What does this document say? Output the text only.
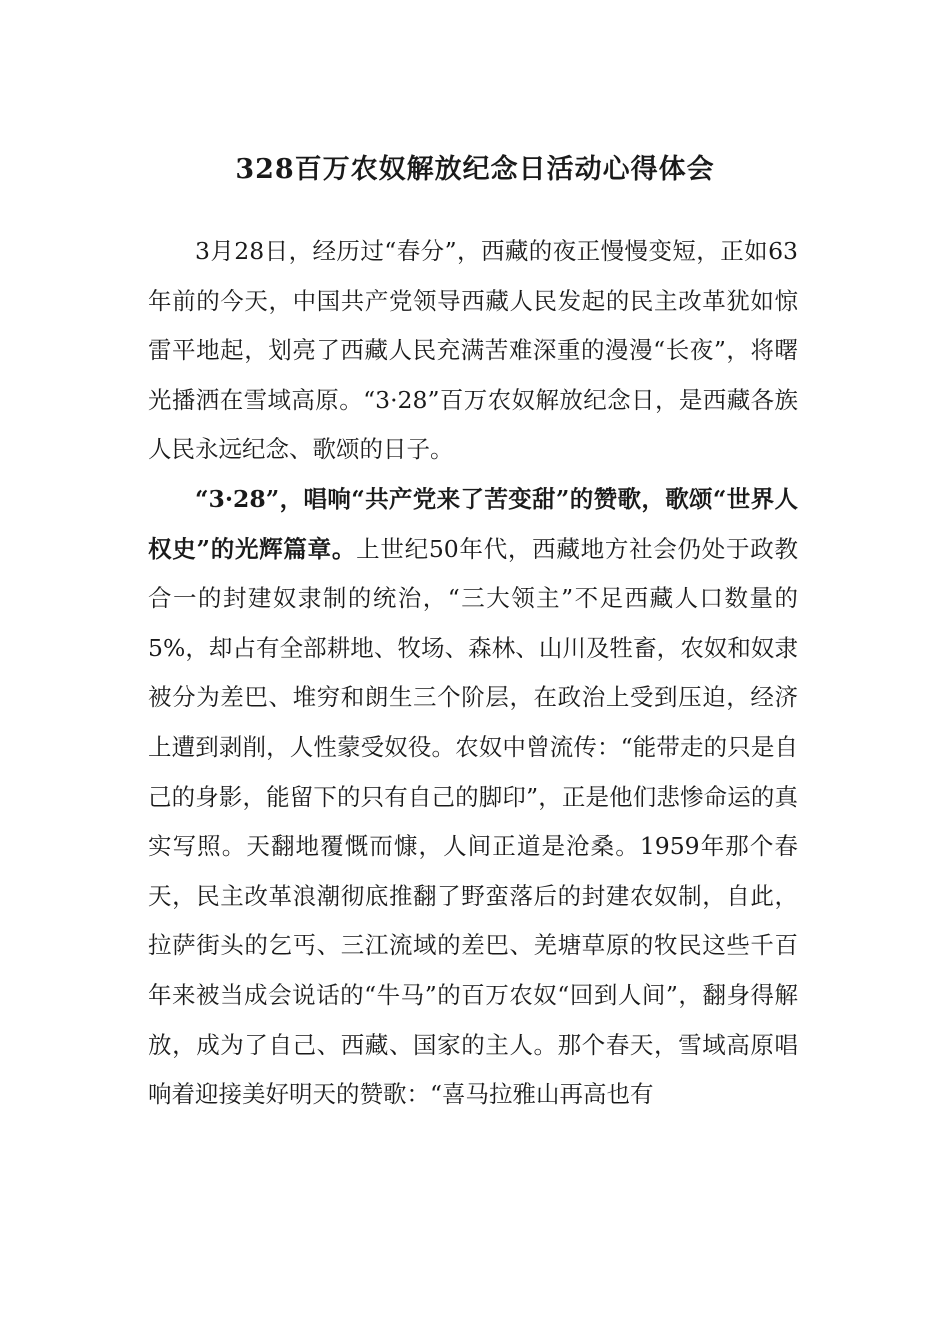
328百万农奴解放纪念日活动心得体会

3月28日，经历过“春分”，西藏的夜正慢慢变短，正如63年前的今天，中国共产党领导西藏人民发起的民主改革犹如惊雷平地起，划亮了西藏人民充满苦难深重的漫漫“长夜”，将曙光播洒在雪域高原。“3·28”百万农奴解放纪念日，是西藏各族人民永远纪念、歌颂的日子。

“3·28”，唱响“共产党来了苦变甜”的赞歌，歌颂“世界人权史”的光辉篇章。上世纪50年代，西藏地方社会仍处于政教合一的封建奴隶制的统治，“三大领主”不足西藏人口数量的5%，却占有全部耕地、牧场、森林、山川及牲畜，农奴和奴隶被分为差巴、堆穷和朗生三个阶层，在政治上受到压迫，经济上遭到剥削，人性蒙受奴役。农奴中曾流传：“能带走的只是自己的身影，能留下的只有自己的脚印”，正是他们悲惨命运的真实写照。天翻地覆慨而慷，人间正道是沧桑。1959年那个春天，民主改革浪潮彻底推翻了野蛮落后的封建农奴制，自此，拉萨街头的乞丐、三江流域的差巴、羌塘草原的牧民这些千百年来被当成会说话的“牛马”的百万农奴“回到人间”，翻身得解放，成为了自己、西藏、国家的主人。那个春天，雪域高原唱响着迎接美好明天的赞歌：“喜马拉雅山再高也有
